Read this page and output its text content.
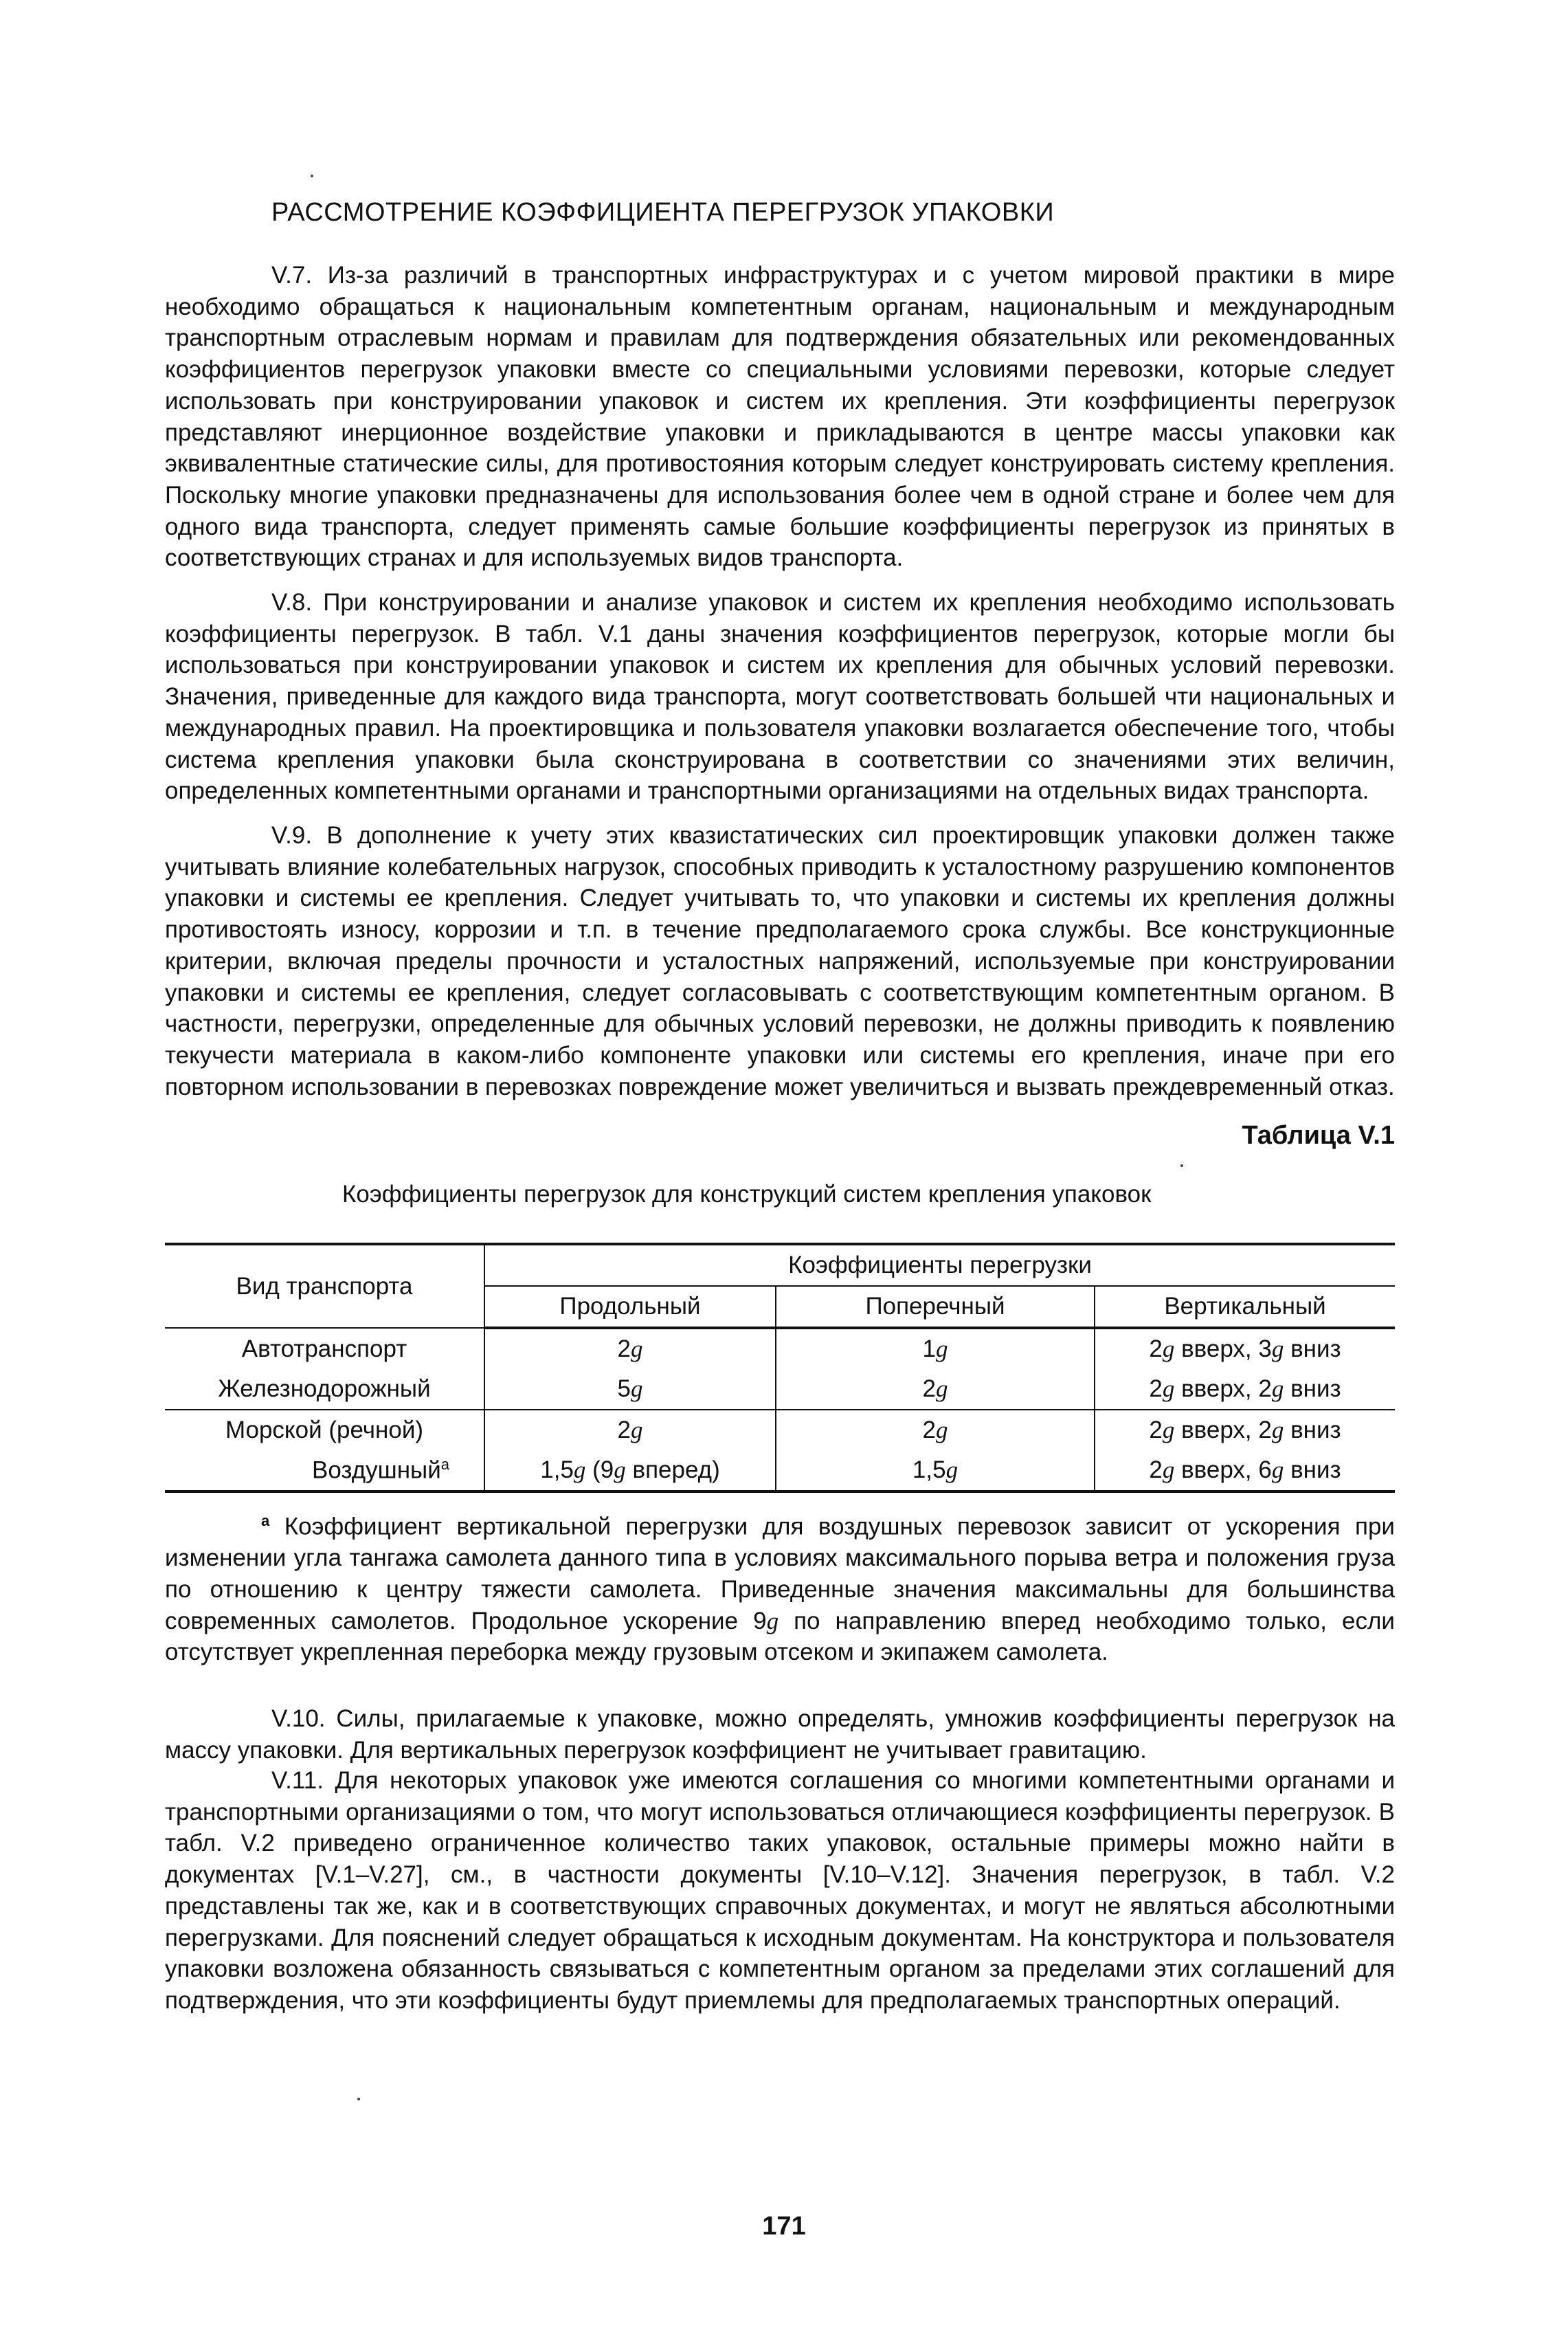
РАССМОТРЕНИЕ КОЭФФИЦИЕНТА ПЕРЕГРУЗОК УПАКОВКИ

V.7. Из-за различий в транспортных инфраструктурах и с учетом мировой практики в мире необходимо обращаться к национальным компетентным органам, национальным и международным транспортным отраслевым нормам и правилам для подтверждения обязательных или рекомендованных коэффициентов перегрузок упаковки вместе со специальными условиями перевозки, которые следует использовать при конструировании упаковок и систем их крепления. Эти коэффициенты перегрузок представляют инерционное воздействие упаковки и прикладываются в центре массы упаковки как эквивалентные статические силы, для противостояния которым следует конструировать систему крепления. Поскольку многие упаковки предназначены для использования более чем в одной стране и более чем для одного вида транспорта, следует применять самые большие коэффициенты перегрузок из принятых в соответствующих странах и для используемых видов транспорта.

V.8. При конструировании и анализе упаковок и систем их крепления необходимо использовать коэффициенты перегрузок. В табл. V.1 даны значения коэффициентов перегрузок, которые могли бы использоваться при конструировании упаковок и систем их крепления для обычных условий перевозки. Значения, приведенные для каждого вида транспорта, могут соответствовать большей чти национальных и международных правил. На проектировщика и пользователя упаковки возлагается обеспечение того, чтобы система крепления упаковки была сконструирована в соответствии со значениями этих величин, определенных компетентными органами и транспортными организациями на отдельных видах транспорта.

V.9. В дополнение к учету этих квазистатических сил проектировщик упаковки должен также учитывать влияние колебательных нагрузок, способных приводить к усталостному разрушению компонентов упаковки и системы ее крепления. Следует учитывать то, что упаковки и системы их крепления должны противостоять износу, коррозии и т.п. в течение предполагаемого срока службы. Все конструкционные критерии, включая пределы прочности и усталостных напряжений, используемые при конструировании упаковки и системы ее крепления, следует согласовывать с соответствующим компетентным органом. В частности, перегрузки, определенные для обычных условий перевозки, не должны приводить к появлению текучести материала в каком-либо компоненте упаковки или системы его крепления, иначе при его повторном использовании в перевозках повреждение может увеличиться и вызвать преждевременный отказ.

Таблица V.1
Коэффициенты перегрузок для конструкций систем крепления упаковок
Вид транспорта	Коэффициенты перегрузки		
	Продольный	Поперечный	Вертикальный
Автотранспорт	2g	1g	2g вверх, 3g вниз
Железнодорожный	5g	2g	2g вверх, 2g вниз
Морской (речной)	2g	2g	2g вверх, 2g вниз
Воздушный$^а$	1,5g (9g вперед)	1,5g	2g вверх, 6g вниз

$^а$ Коэффициент вертикальной перегрузки для воздушных перевозок зависит от ускорения при изменении угла тангажа самолета данного типа в условиях максимального порыва ветра и положения груза по отношению к центру тяжести самолета. Приведенные значения максимальны для большинства современных самолетов. Продольное ускорение 9g по направлению вперед необходимо только, если отсутствует укрепленная переборка между грузовым отсеком и экипажем самолета.

V.10. Силы, прилагаемые к упаковке, можно определять, умножив коэффициенты перегрузок на массу упаковки. Для вертикальных перегрузок коэффициент не учитывает гравитацию.

V.11. Для некоторых упаковок уже имеются соглашения со многими компетентными органами и транспортными организациями о том, что могут использоваться отличающиеся коэффициенты перегрузок. В табл. V.2 приведено ограниченное количество таких упаковок, остальные примеры можно найти в документах [V.1–V.27], см., в частности документы [V.10–V.12]. Значения перегрузок, в табл. V.2 представлены так же, как и в соответствующих справочных документах, и могут не являться абсолютными перегрузками. Для пояснений следует обращаться к исходным документам. На конструктора и пользователя упаковки возложена обязанность связываться с компетентным органом за пределами этих соглашений для подтверждения, что эти коэффициенты будут приемлемы для предполагаемых транспортных операций.

171
